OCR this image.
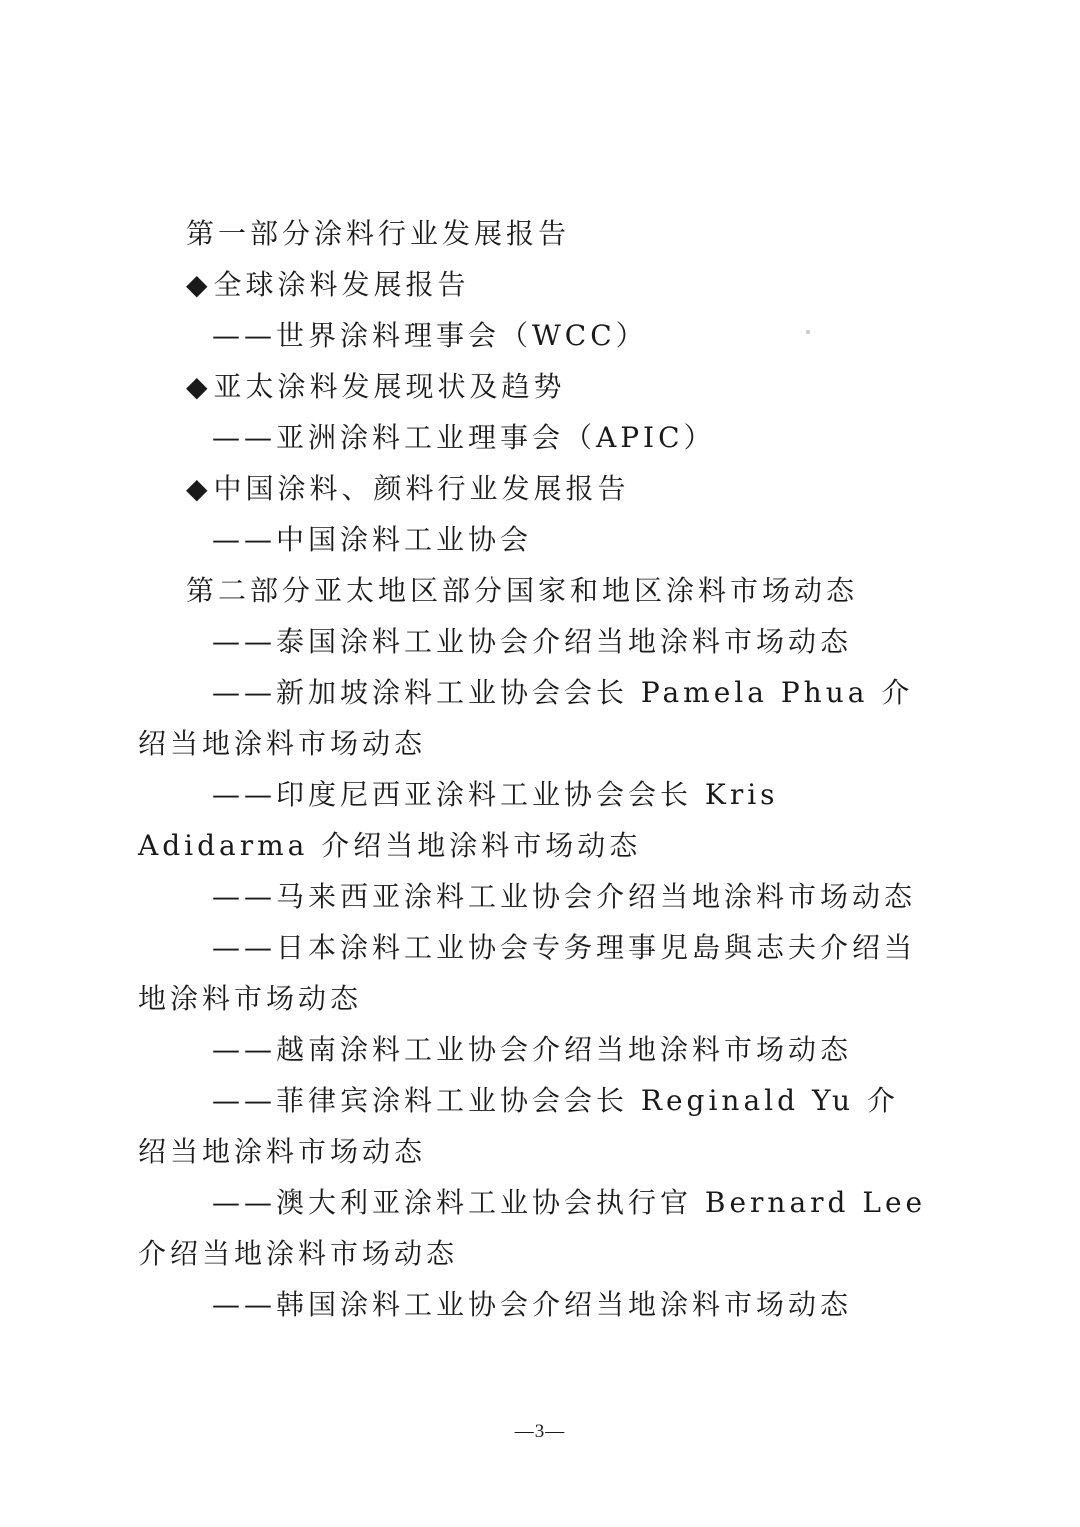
第一部分涂料行业发展报告
◆全球涂料发展报告
——世界涂料理事会（WCC）
◆亚太涂料发展现状及趋势
——亚洲涂料工业理事会（APIC）
◆中国涂料、颜料行业发展报告
——中国涂料工业协会
第二部分亚太地区部分国家和地区涂料市场动态
——泰国涂料工业协会介绍当地涂料市场动态
——新加坡涂料工业协会会长 Pamela Phua 介绍当地涂料市场动态
——印度尼西亚涂料工业协会会长 Kris Adidarma 介绍当地涂料市场动态
——马来西亚涂料工业协会介绍当地涂料市场动态
——日本涂料工业协会专务理事児島與志夫介绍当地涂料市场动态
——越南涂料工业协会介绍当地涂料市场动态
——菲律宾涂料工业协会会长 Reginald Yu 介绍当地涂料市场动态
——澳大利亚涂料工业协会执行官 Bernard Lee 介绍当地涂料市场动态
——韩国涂料工业协会介绍当地涂料市场动态
—3—
